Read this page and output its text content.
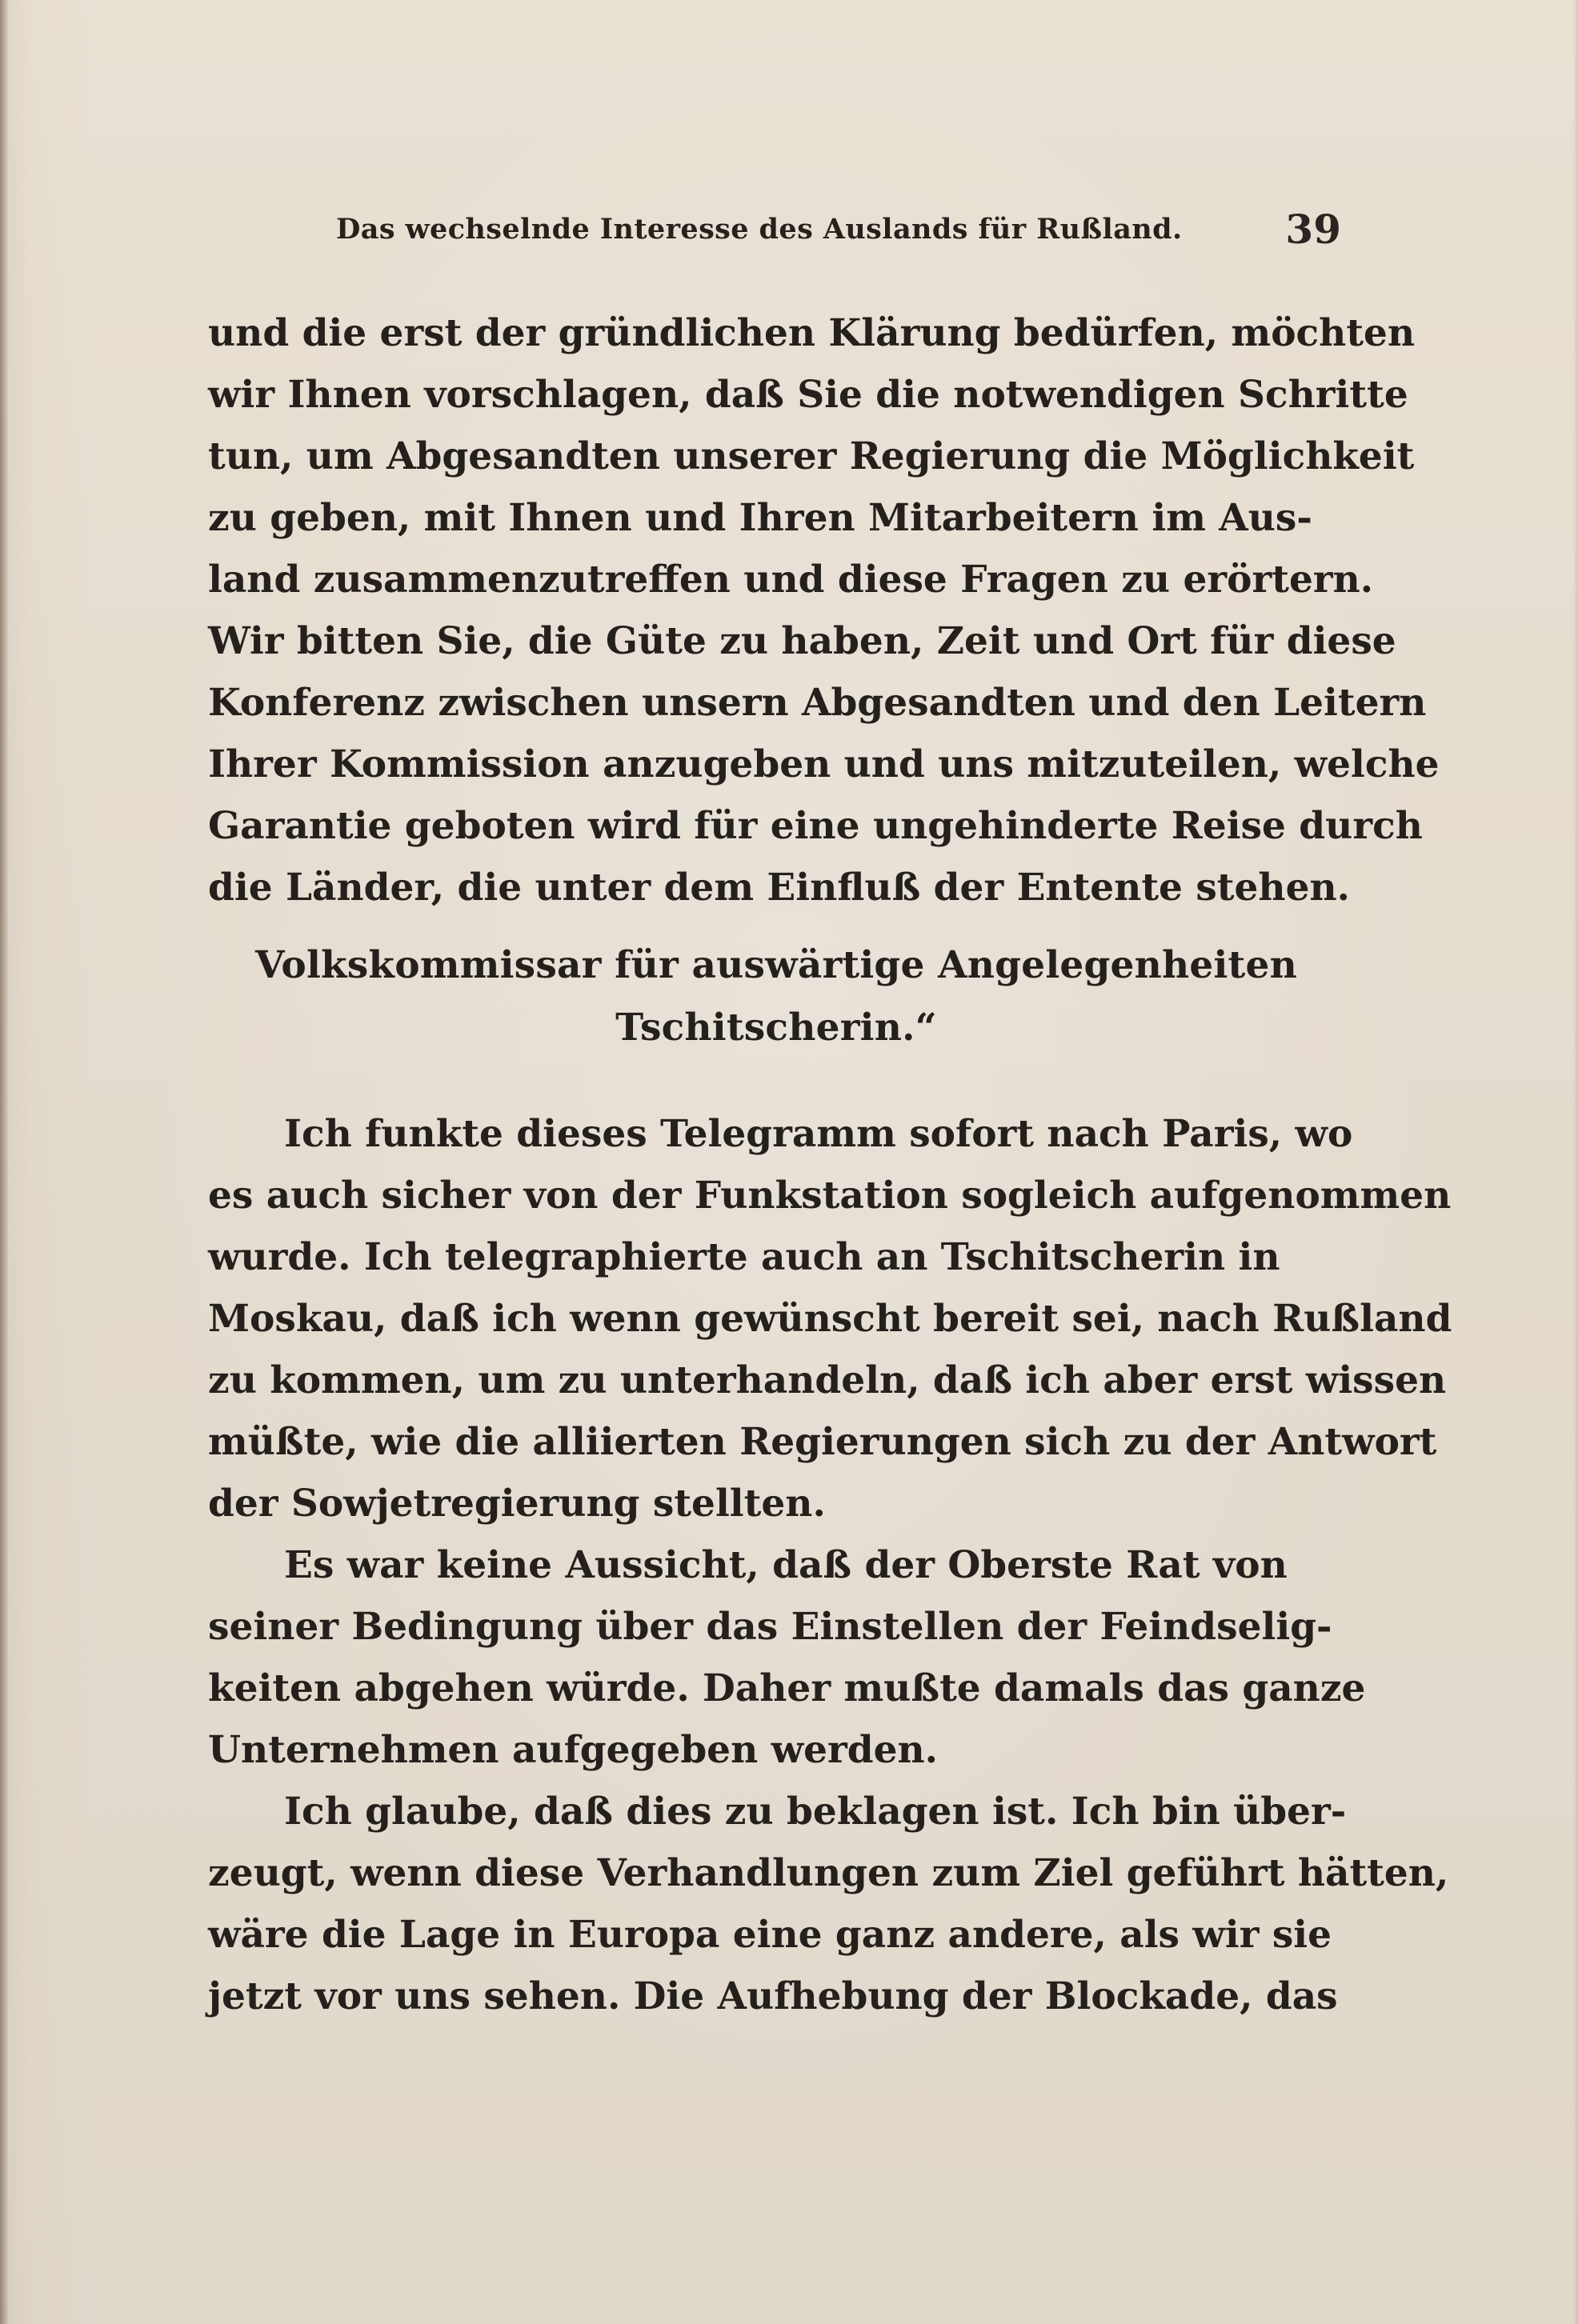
Das wechselnde Interesse des Auslands für Rußland.	39
und die erst der gründlichen Klärung bedürfen, möchten
wir Ihnen vorschlagen, daß Sie die notwendigen Schritte
tun, um Abgesandten unserer Regierung die Möglichkeit
zu geben, mit Ihnen und Ihren Mitarbeitern im Aus-
land zusammenzutreffen und diese Fragen zu erörtern.
Wir bitten Sie, die Güte zu haben, Zeit und Ort für diese
Konferenz zwischen unsern Abgesandten und den Leitern
Ihrer Kommission anzugeben und uns mitzuteilen, welche
Garantie geboten wird für eine ungehinderte Reise durch
die Länder, die unter dem Einfluß der Entente stehen.
Volkskommissar für auswärtige Angelegenheiten
Tschitscherin.“
Ich funkte dieses Telegramm sofort nach Paris, wo
es auch sicher von der Funkstation sogleich aufgenommen
wurde. Ich telegraphierte auch an Tschitscherin in
Moskau, daß ich wenn gewünscht bereit sei, nach Rußland
zu kommen, um zu unterhandeln, daß ich aber erst wissen
müßte, wie die alliierten Regierungen sich zu der Antwort
der Sowjetregierung stellten.
Es war keine Aussicht, daß der Oberste Rat von
seiner Bedingung über das Einstellen der Feindselig-
keiten abgehen würde. Daher mußte damals das ganze
Unternehmen aufgegeben werden.
Ich glaube, daß dies zu beklagen ist. Ich bin über-
zeugt, wenn diese Verhandlungen zum Ziel geführt hätten,
wäre die Lage in Europa eine ganz andere, als wir sie
jetzt vor uns sehen. Die Aufhebung der Blockade, das
